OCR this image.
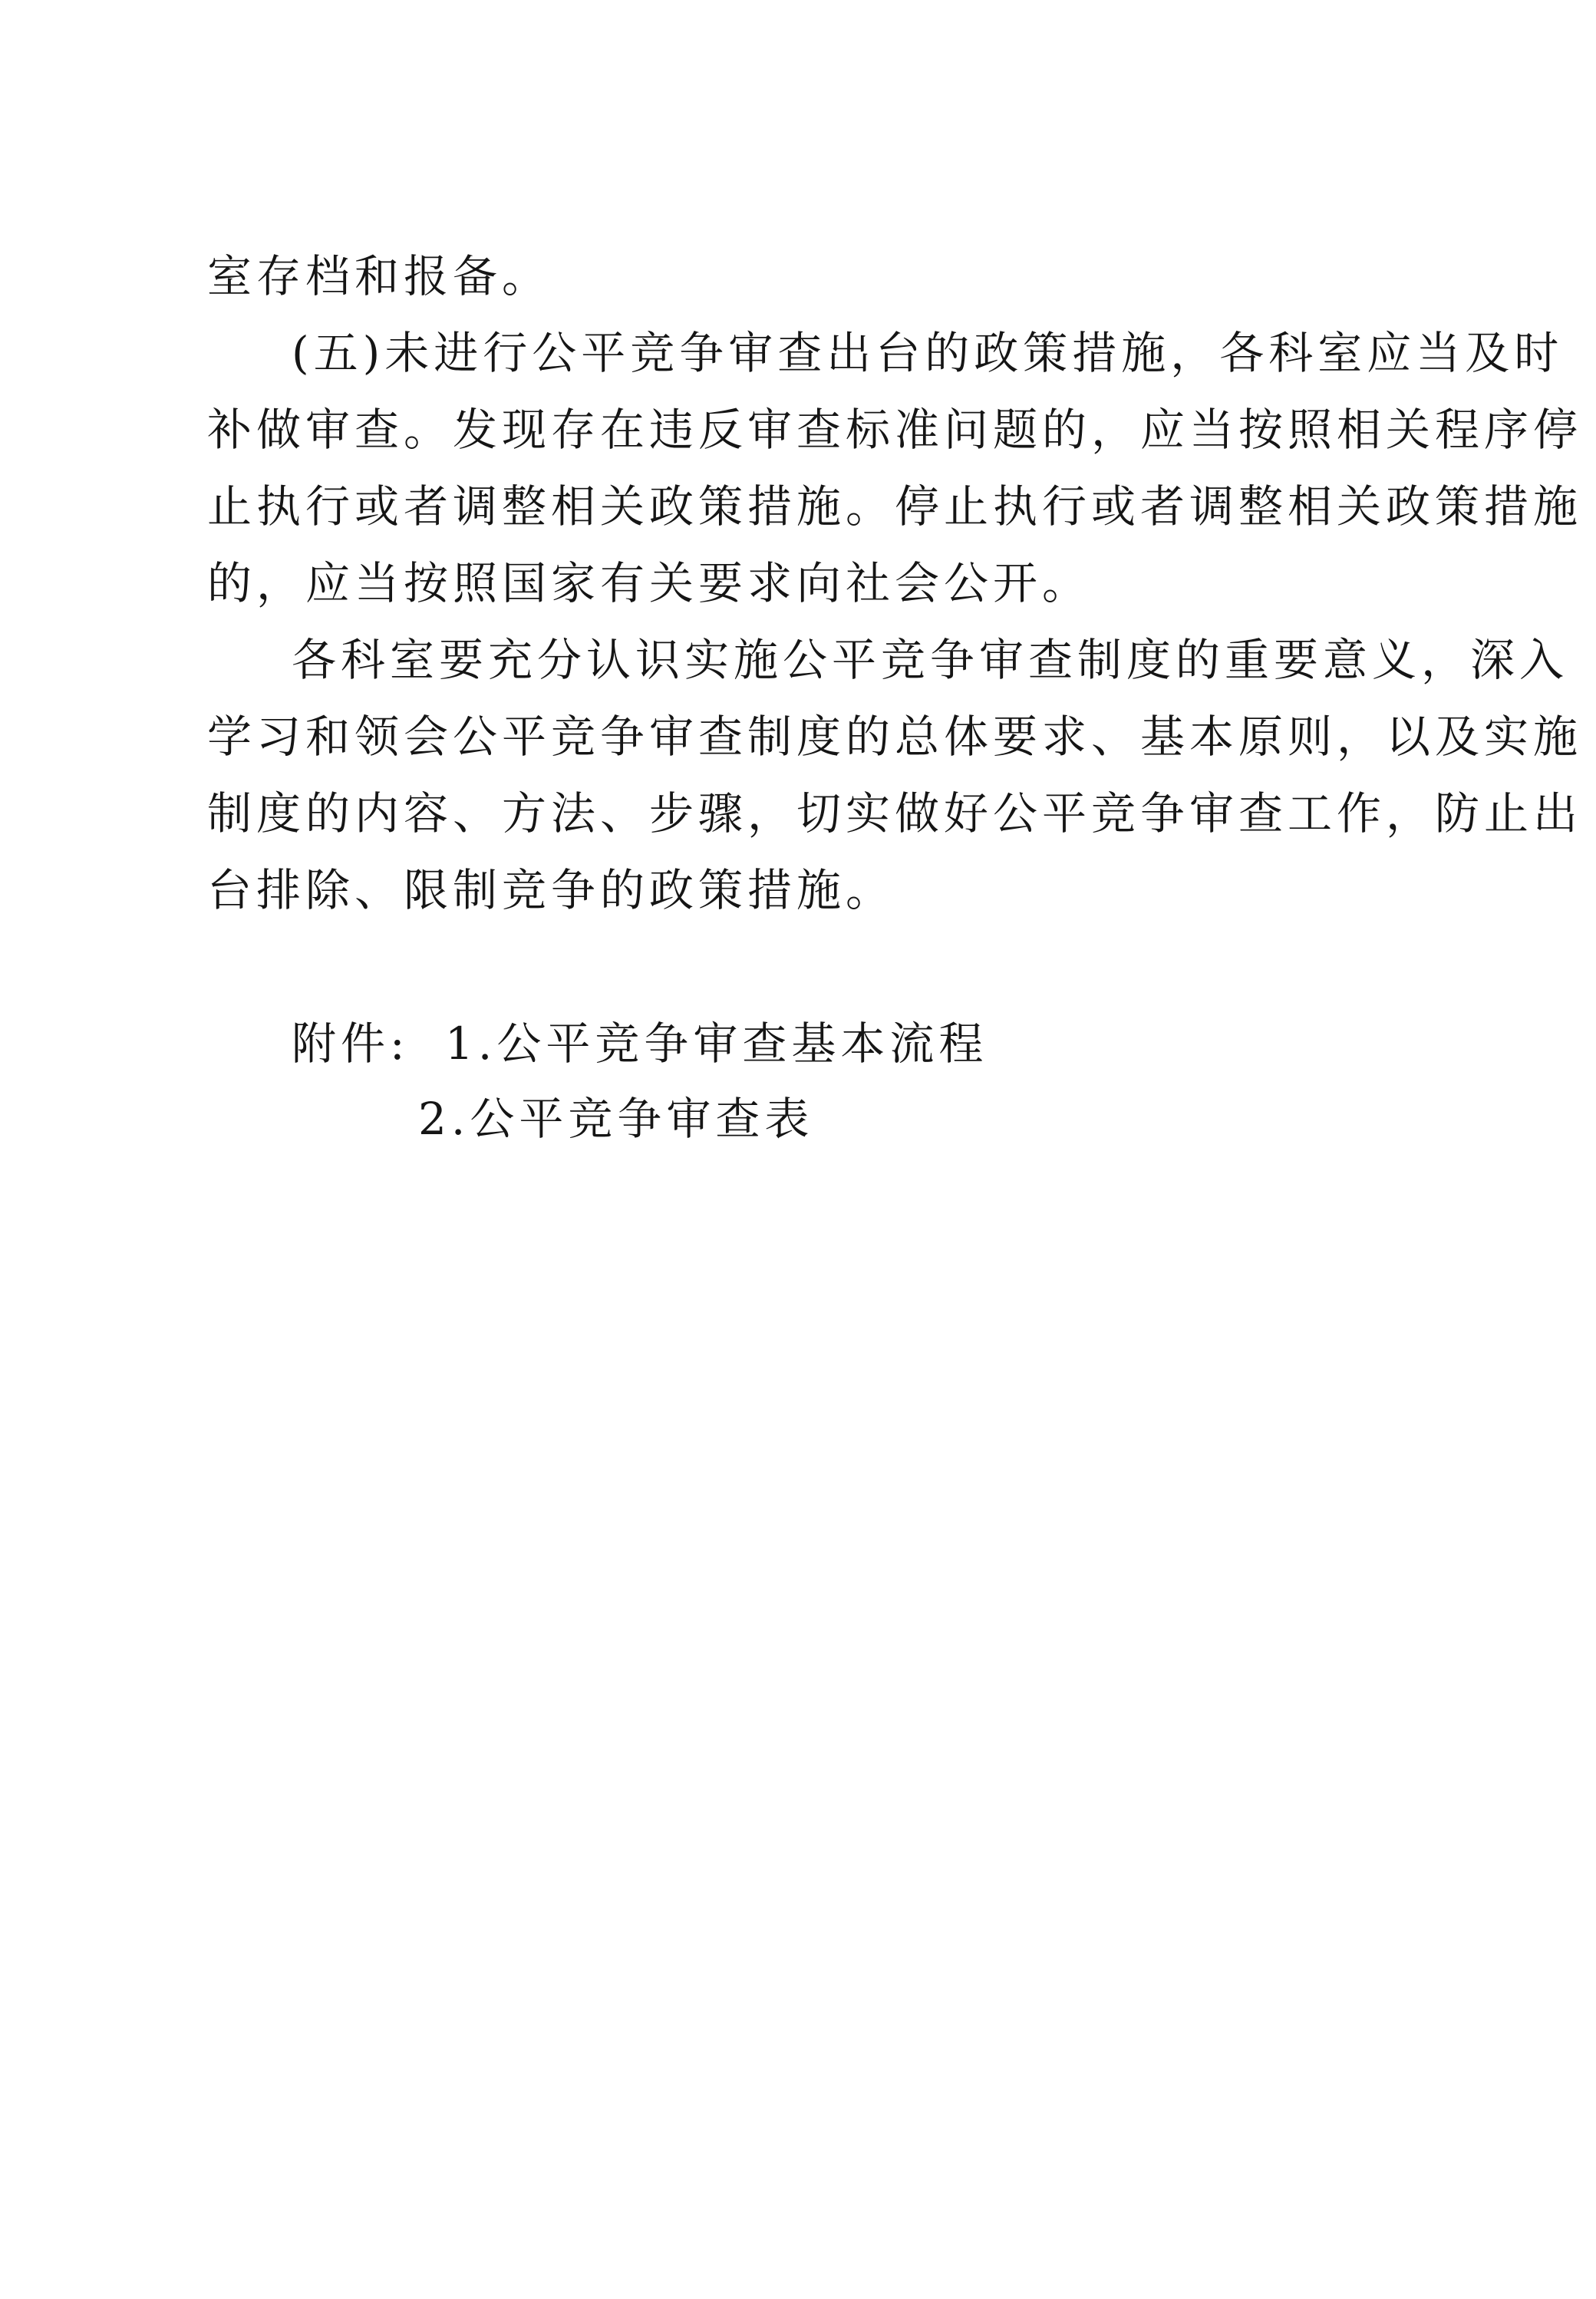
室存档和报备。
(五)未进行公平竞争审查出台的政策措施，各科室应当及时
补做审查。发现存在违反审查标准问题的，应当按照相关程序停
止执行或者调整相关政策措施。停止执行或者调整相关政策措施
的，应当按照国家有关要求向社会公开。
各科室要充分认识实施公平竞争审查制度的重要意义，深入
学习和领会公平竞争审查制度的总体要求、基本原则，以及实施
制度的内容、方法、步骤，切实做好公平竞争审查工作，防止出
台排除、限制竞争的政策措施。
附件: 1.公平竞争审查基本流程
2.公平竞争审查表
